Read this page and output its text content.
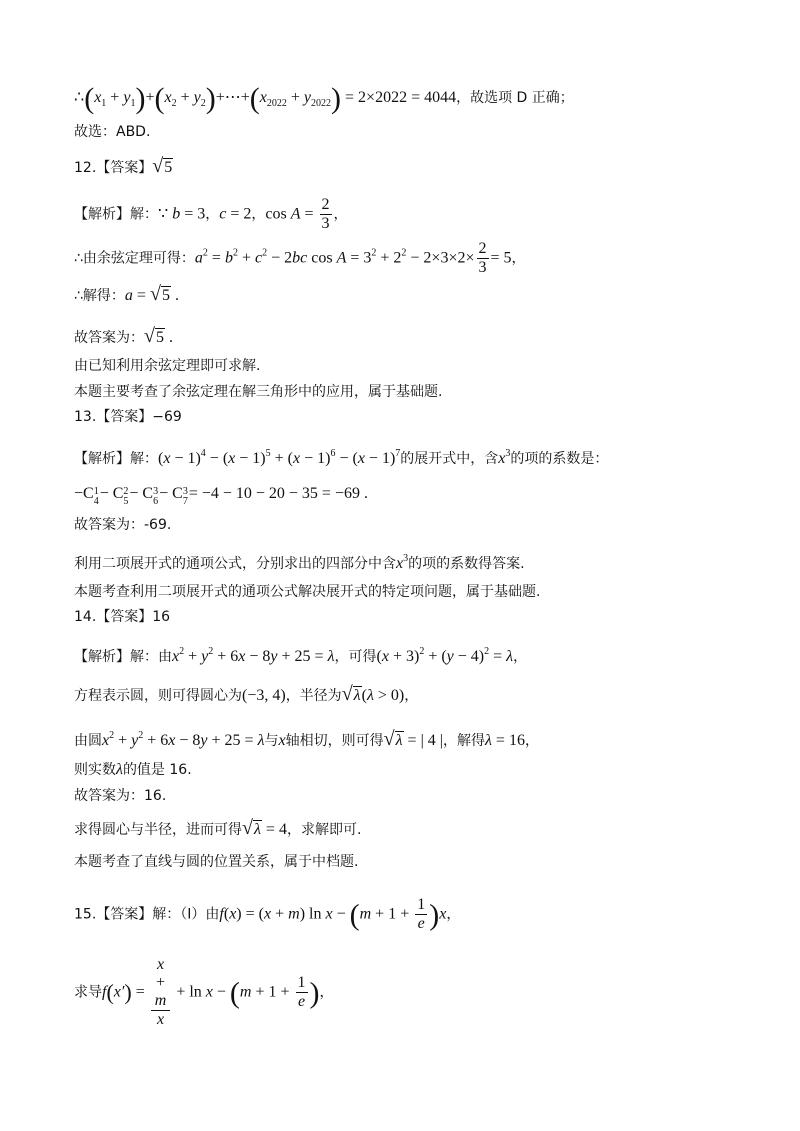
$\therefore(x_1 + y_1)+(x_2$ + $y_2)+\cdots+(x_{2022} + y_{2022}) = 2\times 2022 = 4044$，故选项 D 正确；
故选：ABD.
12.【答案】√5
【解析】解：∵ b = 3，c = 2，$\cos A = \frac{2}{3}$ ，
∴由余弦定理可得：$a^2 = b^2 + c^2 - 2bc$ $\cos A = 3^2 + 2^2 - 2\times 3\times 2\times \frac{2}{3} = 5$，
∴解得：a = √5 .
故答案为：√5 .
由已知利用余弦定理即可求解.
本题主要考查了余弦定理在解三角形中的应用，属于基础题.
13.【答案】−69
【解析】解：$(x - 1)^4 - (x - 1)^5 + (x - 1)^6 - (x - 1)^7$的展开式中，含$x^3$的项的系数是：
−C 1
4 − C 2
5 − C 3
6 − C 3
7 = −4 − 10 − 20 − 35 = −69 .
故答案为：-69.
利用二项展开式的通项公式，分别求出的四部分中含$x^3$的项的系数得答案.
本题考查利用二项展开式的通项公式解决展开式的特定项问题，属于基础题.
14.【答案】16
【解析】解：由$x^2 + y^2 + 6x - 8y + 25 = \lambda$，可得$(x + 3)^2 + (y - 4)^2 = \lambda$，
方程表示圆，则可得圆心为(−3, 4)，半径为√λ(λ > 0)，
由圆$x^2 + y^2 + 6x - 8y + 25 = \lambda$与x轴相切，则可得√λ = | 4 |，解得λ = 16，
则实数λ的值是 16.
故答案为：16.
求得圆心与半径，进而可得√λ = 4，求解即可.
本题考查了直线与圆的位置关系，属于中档题.
15.【答案】解：（Ⅰ）由f(x) = (x + m) $\ln x - (m + 1 + \frac{1}{e} )x$，
求导f(x′) = x
+
m
$x + \ln x - (m + 1 + \frac{1}{e}$ )，
